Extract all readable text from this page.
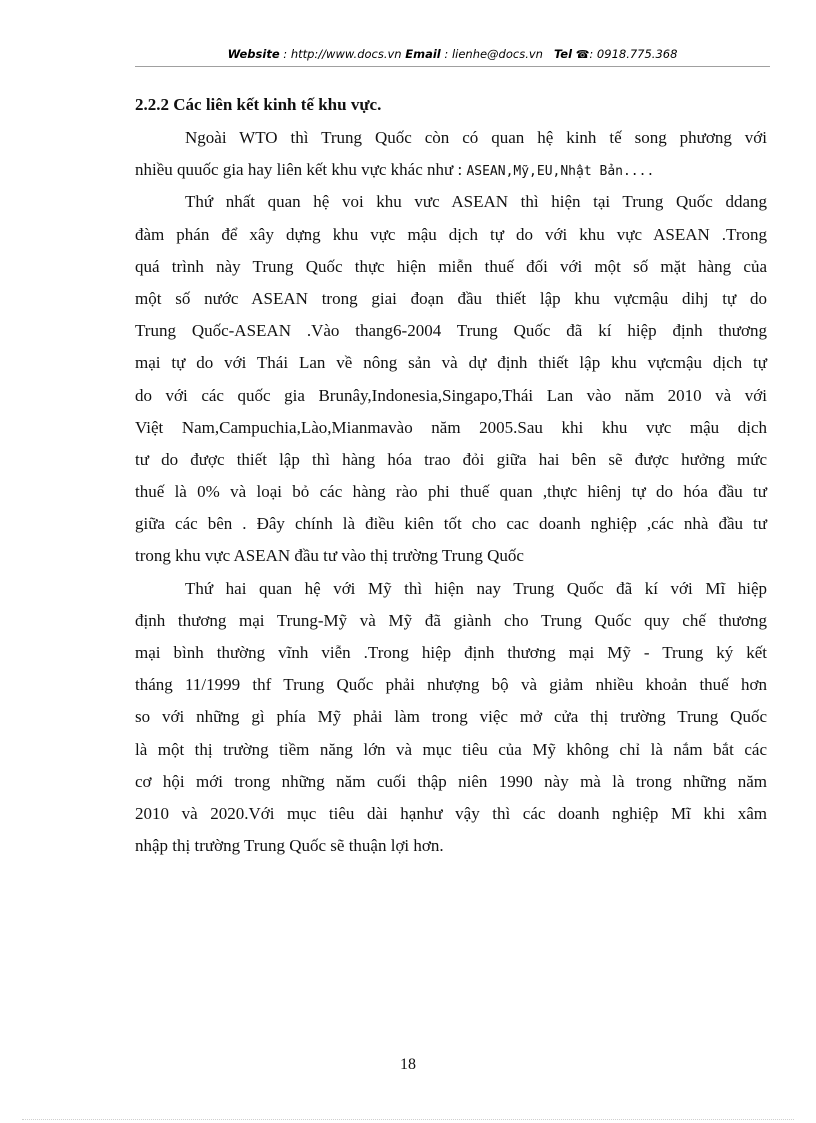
Website : http://www.docs.vn Email : lienhe@docs.vn Tel ☎: 0918.775.368
2.2.2 Các liên kết kinh tế khu vực.
Ngoài WTO thì Trung Quốc còn có quan hệ kinh tế song phương với
nhiều quuốc gia hay liên kết khu vực khác như : ASEAN,Mỹ,EU,Nhật Bản....
Thứ nhất quan hệ voi khu vưc ASEAN thì hiện tại Trung Quốc ddang
đàm phán để xây dựng khu vực mậu dịch tự do với khu vực ASEAN .Trong
quá trình này Trung Quốc thực hiện miễn thuế đối với một số mặt hàng của
một số nước ASEAN trong giai đoạn đầu thiết lập khu vựcmậu dihj tự do
Trung Quốc-ASEAN .Vào thang6-2004 Trung Quốc đã kí hiệp định thương
mại tự do với Thái Lan về nông sản và dự định thiết lập khu vựcmậu dịch tự
do với các quốc gia Brunây,Indonesia,Singapo,Thái Lan vào năm 2010 và với
Việt Nam,Campuchia,Lào,Mianmavào năm 2005.Sau khi khu vực mậu dịch
tư do được thiết lập thì hàng hóa trao đỏi giữa hai bên sẽ được hưởng mức
thuế là 0% và loại bỏ các hàng rào phi thuế quan ,thực hiênj tự do hóa đầu tư
giữa các bên . Đây chính là điều kiên tốt cho cac doanh nghiệp ,các nhà đầu tư
trong khu vực ASEAN đầu tư vào thị trường Trung Quốc
Thứ hai quan hệ với Mỹ thì hiện nay Trung Quốc đã kí với Mĩ hiệp
định thương mại Trung-Mỹ và Mỹ đã giành cho Trung Quốc quy chế thương
mại bình thường vĩnh viễn .Trong hiệp định thương mại Mỹ - Trung ký kết
tháng 11/1999 thf Trung Quốc phải nhượng bộ và giảm nhiều khoản thuế hơn
so với những gì phía Mỹ phải làm trong việc mở cửa thị trường Trung Quốc
là một thị trường tiềm năng lớn và mục tiêu của Mỹ không chỉ là nắm bắt các
cơ hội mới trong những năm cuối thập niên 1990 này mà là trong những năm
2010 và 2020.Với mục tiêu dài hạnhư vậy thì các doanh nghiệp Mĩ khi xâm
nhập thị trường Trung Quốc sẽ thuận lợi hơn.
18
